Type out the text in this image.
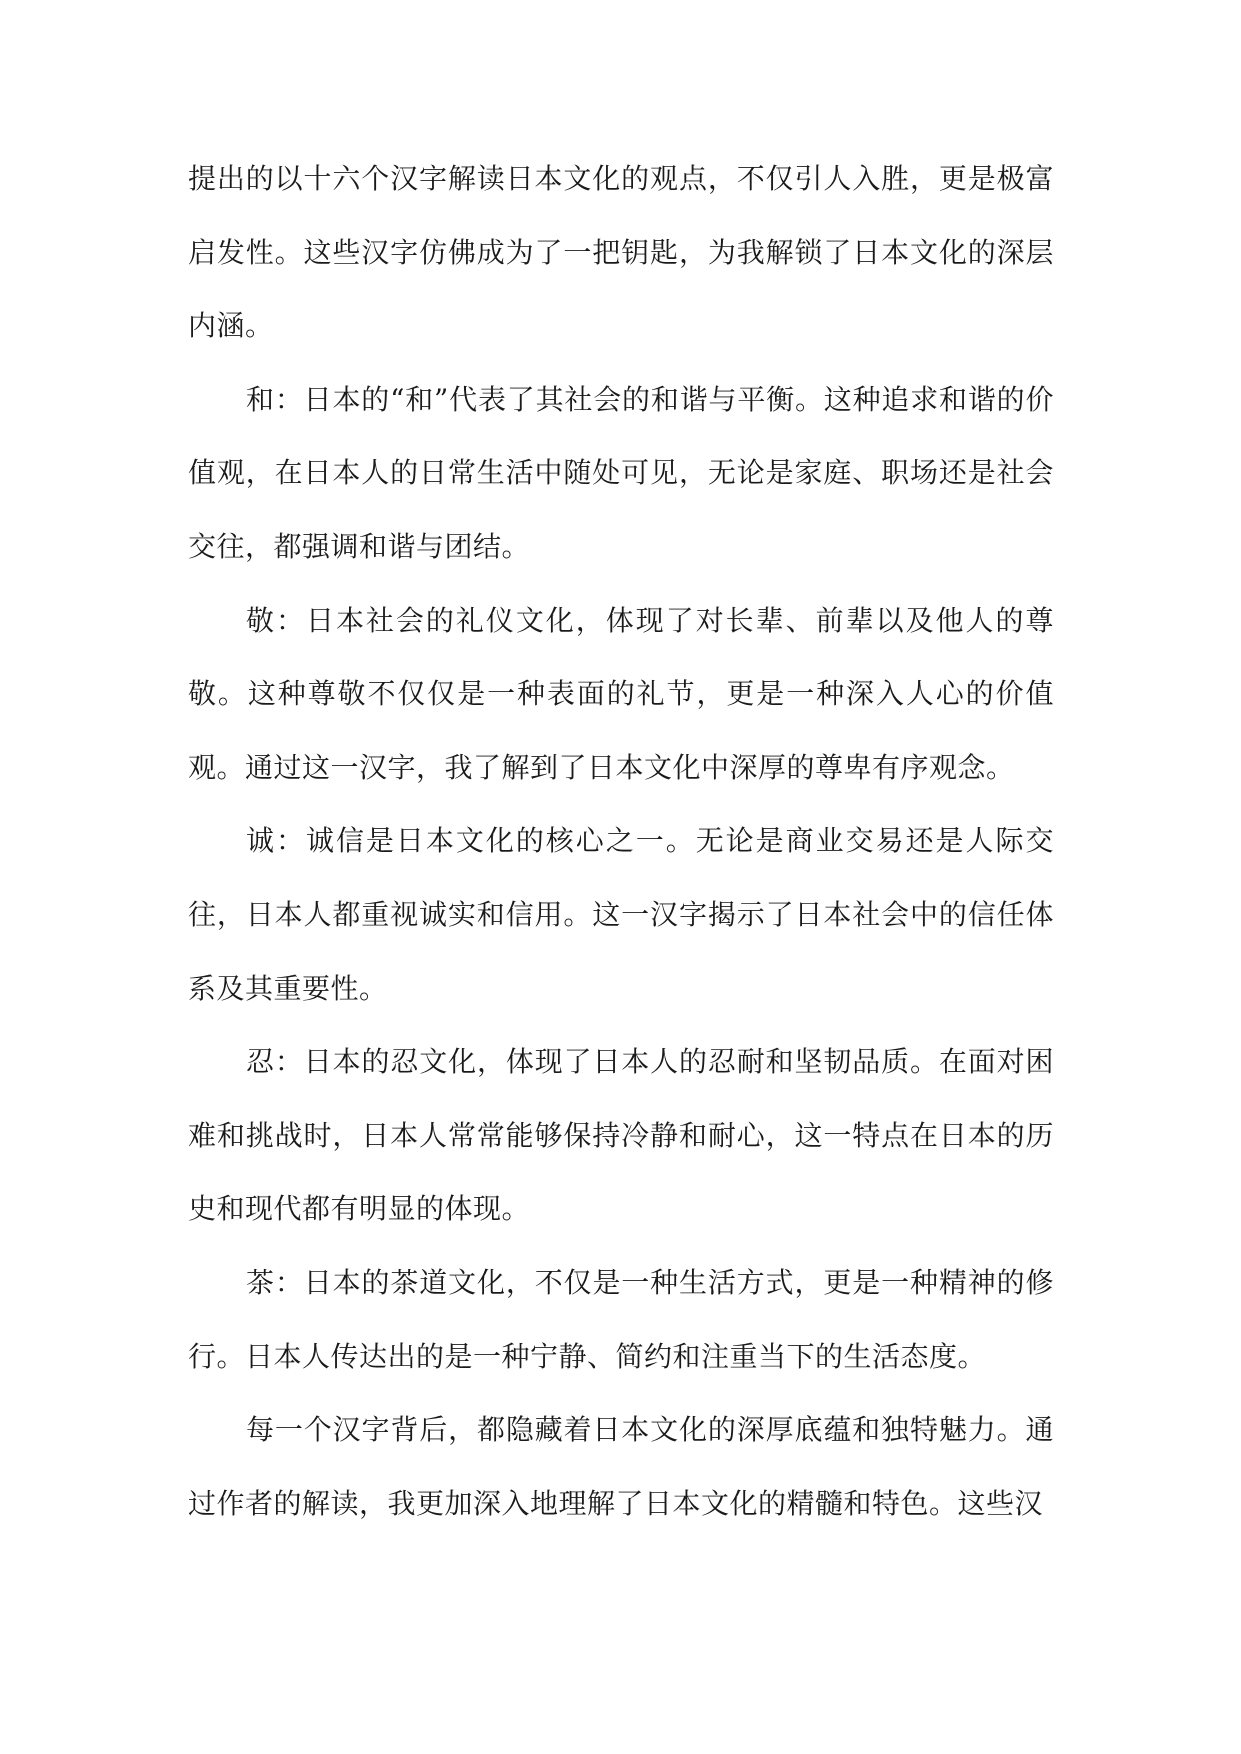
提出的以十六个汉字解读日本文化的观点，不仅引人入胜，更是极富启发性。这些汉字仿佛成为了一把钥匙，为我解锁了日本文化的深层内涵。

和：日本的“和”代表了其社会的和谐与平衡。这种追求和谐的价值观，在日本人的日常生活中随处可见，无论是家庭、职场还是社会交往，都强调和谐与团结。

敬：日本社会的礼仪文化，体现了对长辈、前辈以及他人的尊敬。这种尊敬不仅仅是一种表面的礼节，更是一种深入人心的价值观。通过这一汉字，我了解到了日本文化中深厚的尊卑有序观念。

诚：诚信是日本文化的核心之一。无论是商业交易还是人际交往，日本人都重视诚实和信用。这一汉字揭示了日本社会中的信任体系及其重要性。

忍：日本的忍文化，体现了日本人的忍耐和坚韧品质。在面对困难和挑战时，日本人常常能够保持冷静和耐心，这一特点在日本的历史和现代都有明显的体现。

茶：日本的茶道文化，不仅是一种生活方式，更是一种精神的修行。日本人传达出的是一种宁静、简约和注重当下的生活态度。

每一个汉字背后，都隐藏着日本文化的深厚底蕴和独特魅力。通过作者的解读，我更加深入地理解了日本文化的精髓和特色。这些汉
